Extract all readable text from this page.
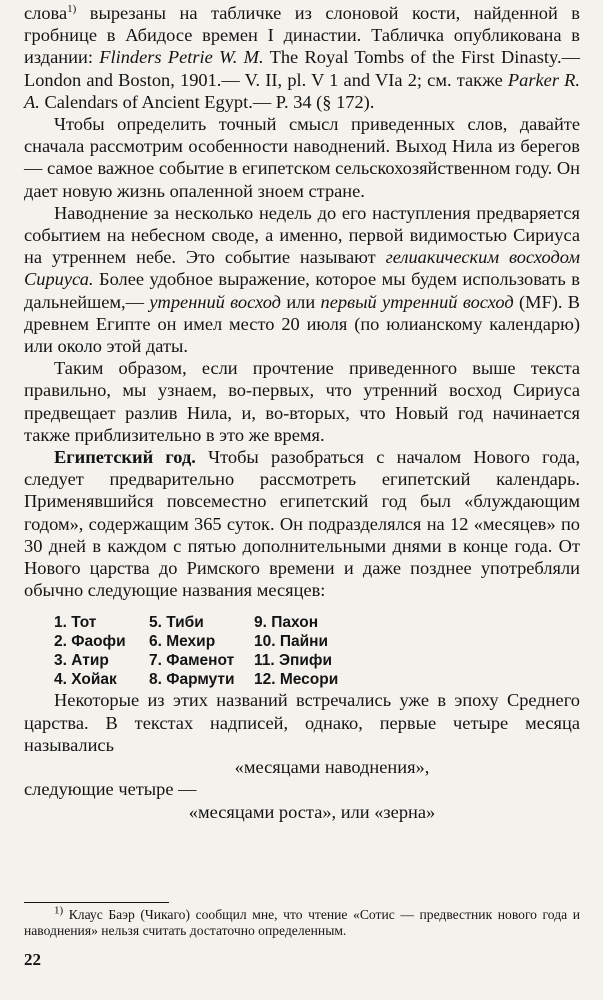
слова$^{1)}$ вырезаны на табличке из слоновой кости, найденной в гробнице в Абидосе времен I династии. Табличка опубликована в издании: Flinders Petrie W. M. The Royal Tombs of the First Dinasty.— London and Boston, 1901.— V. II, pl. V 1 and VIa 2; см. также Parker R. A. Calendars of Ancient Egypt.— P. 34 (§ 172).

Чтобы определить точный смысл приведенных слов, давайте сначала рассмотрим особенности наводнений. Выход Нила из берегов — самое важное событие в египетском сельскохозяйственном году. Он дает новую жизнь опаленной зноем стране.

Наводнение за несколько недель до его наступления предваряется событием на небесном своде, а именно, первой видимостью Сириуса на утреннем небе. Это событие называют гелиакическим восходом Сириуса. Более удобное выражение, которое мы будем использовать в дальнейшем,— утренний восход или первый утренний восход (MF). В древнем Египте он имел место 20 июля (по юлианскому календарю) или около этой даты.

Таким образом, если прочтение приведенного выше текста правильно, мы узнаем, во-первых, что утренний восход Сириуса предвещает разлив Нила, и, во-вторых, что Новый год начинается также приблизительно в это же время.

Египетский год. Чтобы разобраться с началом Нового года, следует предварительно рассмотреть египетский календарь. Применявшийся повсеместно египетский год был «блуждающим годом», содержащим 365 суток. Он подразделялся на 12 «месяцев» по 30 дней в каждом с пятью дополнительными днями в конце года. От Нового царства до Римского времени и даже позднее употребляли обычно следующие названия месяцев:

1. Тот	5. Тиби	9. Пахон
2. Фаофи	6. Мехир	10. Пайни
3. Атир	7. Фаменот	11. Эпифи
4. Хойак	8. Фармути	12. Месори

Некоторые из этих названий встречались уже в эпоху Среднего царства. В текстах надписей, однако, первые четыре месяца назывались

«месяцами наводнения»,

следующие четыре —

«месяцами роста», или «зерна»

$^{1)}$ Клаус Баэр (Чикаго) сообщил мне, что чтение «Сотис — предвестник нового года и наводнения» нельзя считать достаточно определенным.

22
